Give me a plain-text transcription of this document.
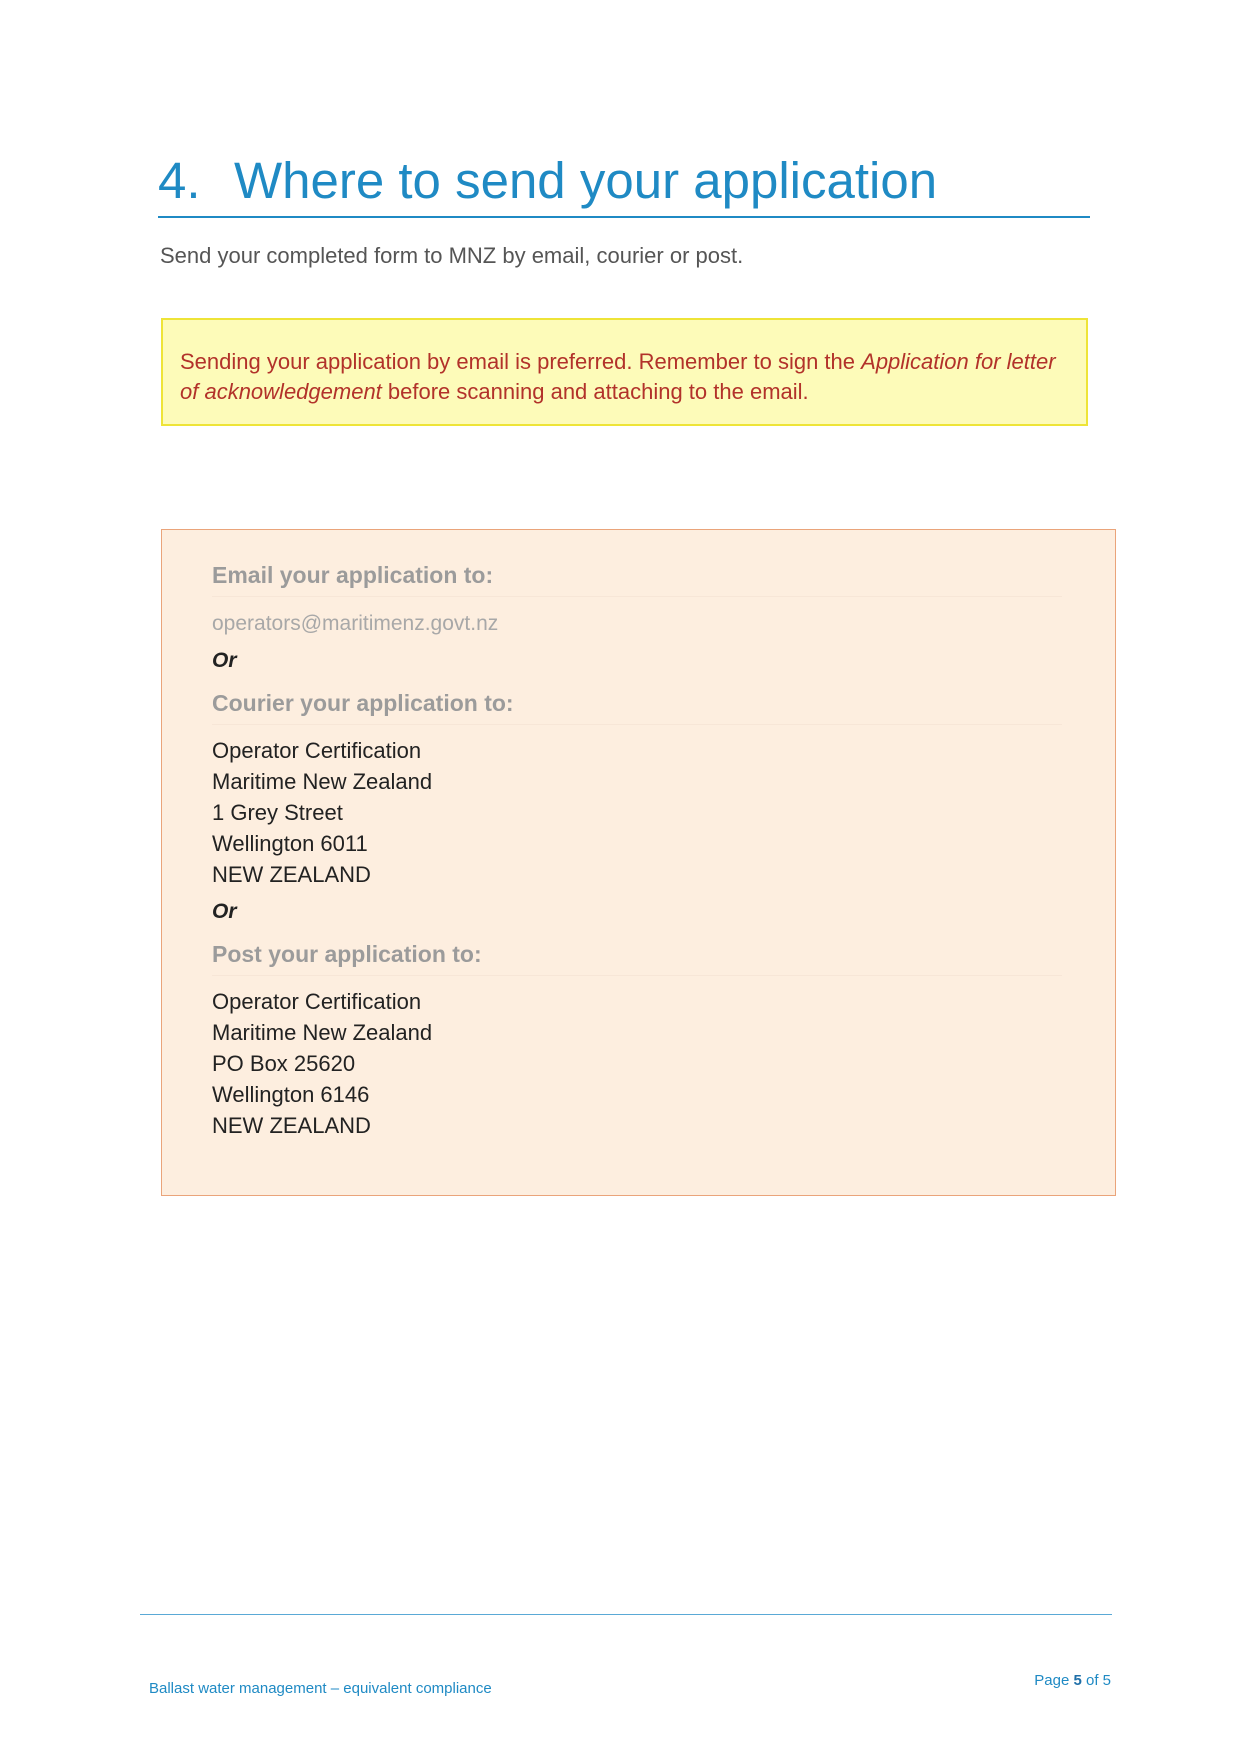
4. Where to send your application
Send your completed form to MNZ by email, courier or post.
Sending your application by email is preferred. Remember to sign the Application for letter of acknowledgement before scanning and attaching to the email.
Email your application to:
operators@maritimenz.govt.nz
Or
Courier your application to:
Operator Certification
Maritime New Zealand
1 Grey Street
Wellington 6011
NEW ZEALAND
Or
Post your application to:
Operator Certification
Maritime New Zealand
PO Box 25620
Wellington 6146
NEW ZEALAND
Ballast water management – equivalent compliance	Page 5 of 5
